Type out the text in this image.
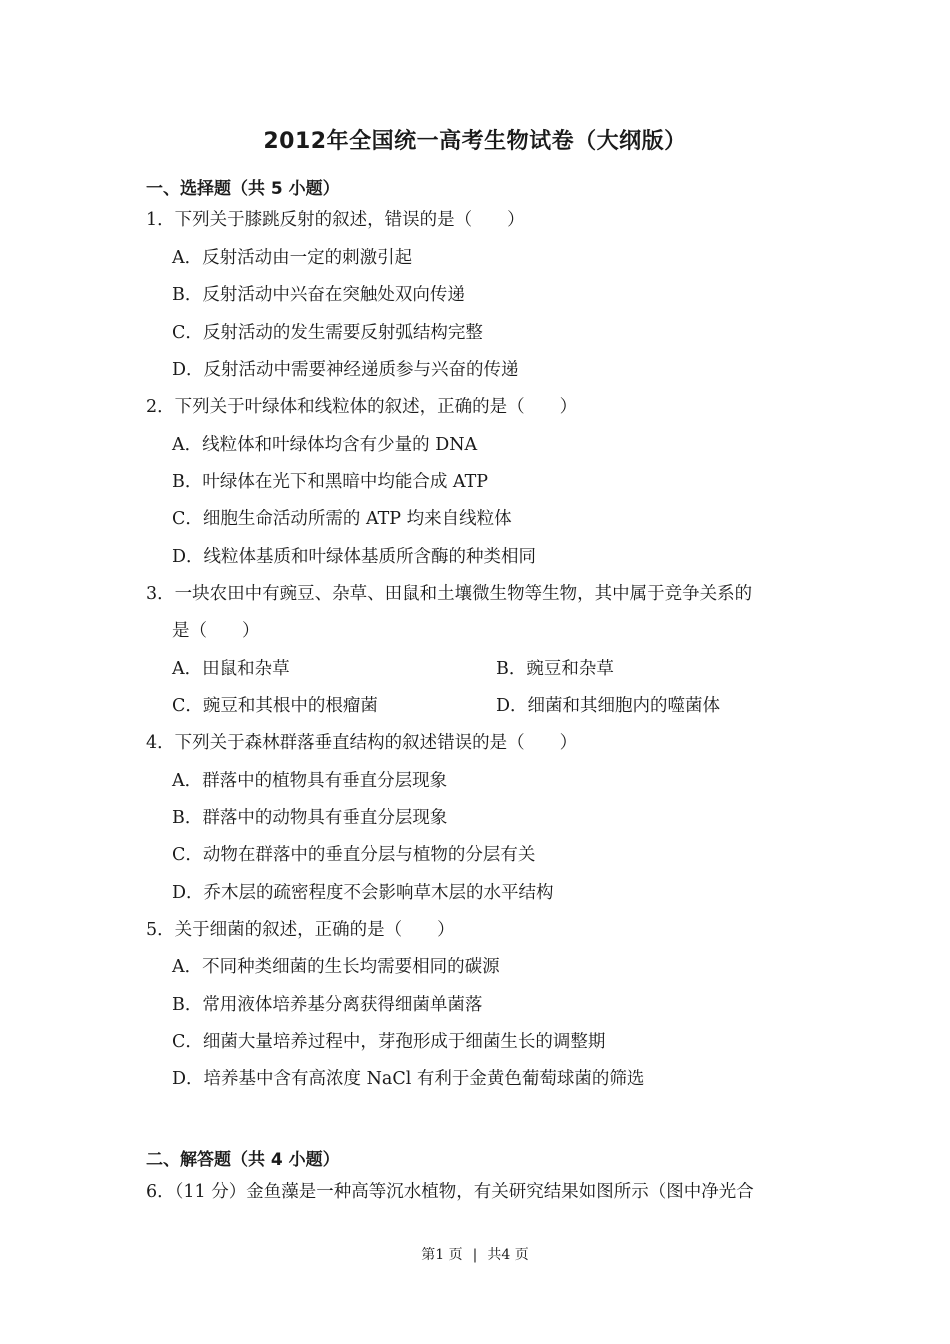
2012年全国统一高考生物试卷（大纲版）
一、选择题（共 5 小题）
1．下列关于膝跳反射的叙述，错误的是（　　）
A．反射活动由一定的刺激引起
B．反射活动中兴奋在突触处双向传递
C．反射活动的发生需要反射弧结构完整
D．反射活动中需要神经递质参与兴奋的传递
2．下列关于叶绿体和线粒体的叙述，正确的是（　　）
A．线粒体和叶绿体均含有少量的 DNA
B．叶绿体在光下和黑暗中均能合成 ATP
C．细胞生命活动所需的 ATP 均来自线粒体
D．线粒体基质和叶绿体基质所含酶的种类相同
3．一块农田中有豌豆、杂草、田鼠和土壤微生物等生物，其中属于竞争关系的
是（　　）
A．田鼠和杂草	B．豌豆和杂草
C．豌豆和其根中的根瘤菌	D．细菌和其细胞内的噬菌体
4．下列关于森林群落垂直结构的叙述错误的是（　　）
A．群落中的植物具有垂直分层现象
B．群落中的动物具有垂直分层现象
C．动物在群落中的垂直分层与植物的分层有关
D．乔木层的疏密程度不会影响草木层的水平结构
5．关于细菌的叙述，正确的是（　　）
A．不同种类细菌的生长均需要相同的碳源
B．常用液体培养基分离获得细菌单菌落
C．细菌大量培养过程中，芽孢形成于细菌生长的调整期
D．培养基中含有高浓度 NaCl 有利于金黄色葡萄球菌的筛选
二、解答题（共 4 小题）
6．（11 分）金鱼藻是一种高等沉水植物，有关研究结果如图所示（图中净光合
第1 页 | 共4 页
